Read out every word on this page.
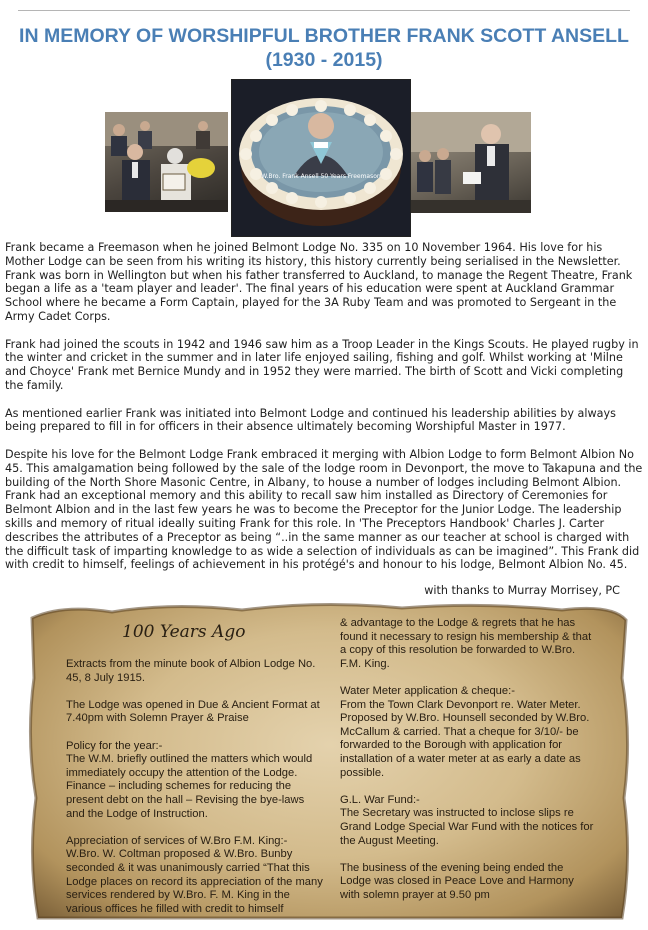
IN MEMORY OF WORSHIPFUL BROTHER FRANK SCOTT ANSELL (1930 - 2015)
W.Bro. Frank Ansell 50 Years Freemason

Frank became a Freemason when he joined Belmont Lodge No. 335 on 10 November 1964. His love for his Mother Lodge can be seen from his writing its history, this history currently being serialised in the Newsletter. Frank was born in Wellington but when his father transferred to Auckland, to manage the Regent Theatre, Frank began a life as a 'team player and leader'. The final years of his education were spent at Auckland Grammar School where he became a Form Captain, played for the 3A Ruby Team and was promoted to Sergeant in the Army Cadet Corps.

Frank had joined the scouts in 1942 and 1946 saw him as a Troop Leader in the Kings Scouts. He played rugby in the winter and cricket in the summer and in later life enjoyed sailing, fishing and golf. Whilst working at 'Milne and Choyce' Frank met Bernice Mundy and in 1952 they were married. The birth of Scott and Vicki completing the family.

As mentioned earlier Frank was initiated into Belmont Lodge and continued his leadership abilities by always being prepared to fill in for officers in their absence ultimately becoming Worshipful Master in 1977.

Despite his love for the Belmont Lodge Frank embraced it merging with Albion Lodge to form Belmont Albion No 45. This amalgamation being followed by the sale of the lodge room in Devonport, the move to Takapuna and the building of the North Shore Masonic Centre, in Albany, to house a number of lodges including Belmont Albion. Frank had an exceptional memory and this ability to recall saw him installed as Directory of Ceremonies for Belmont Albion and in the last few years he was to become the Preceptor for the Junior Lodge. The leadership skills and memory of ritual ideally suiting Frank for this role. In 'The Preceptors Handbook' Charles J. Carter describes the attributes of a Preceptor as being “..in the same manner as our teacher at school is charged with the difficult task of imparting knowledge to as wide a selection of individuals as can be imagined”. This Frank did with credit to himself, feelings of achievement in his protégé's and honour to his lodge, Belmont Albion No. 45.

with thanks to Murray Morrisey, PC
100 Years Ago

Extracts from the minute book of Albion Lodge No. 45, 8 July 1915.

The Lodge was opened in Due & Ancient Format at 7.40pm with Solemn Prayer & Praise

Policy for the year:-
The W.M. briefly outlined the matters which would immediately occupy the attention of the Lodge. Finance – including schemes for reducing the present debt on the hall – Revising the bye-laws and the Lodge of Instruction.

Appreciation of services of W.Bro F.M. King:-
W.Bro. W. Coltman proposed & W.Bro. Bunby seconded & it was unanimously carried “That this Lodge places on record its appreciation of the many services rendered by W.Bro. F. M. King in the various offices he filled with credit to himself

& advantage to the Lodge & regrets that he has found it necessary to resign his membership & that a copy of this resolution be forwarded to W.Bro. F.M. King.

Water Meter application & cheque:-
From the Town Clark Devonport re. Water Meter. Proposed by W.Bro. Hounsell seconded by W.Bro. McCallum & carried. That a cheque for 3/10/- be forwarded to the Borough with application for installation of a water meter at as early a date as possible.

G.L. War Fund:-
The Secretary was instructed to inclose slips re Grand Lodge Special War Fund with the notices for the August Meeting.

The business of the evening being ended the Lodge was closed in Peace Love and Harmony with solemn prayer at 9.50 pm
